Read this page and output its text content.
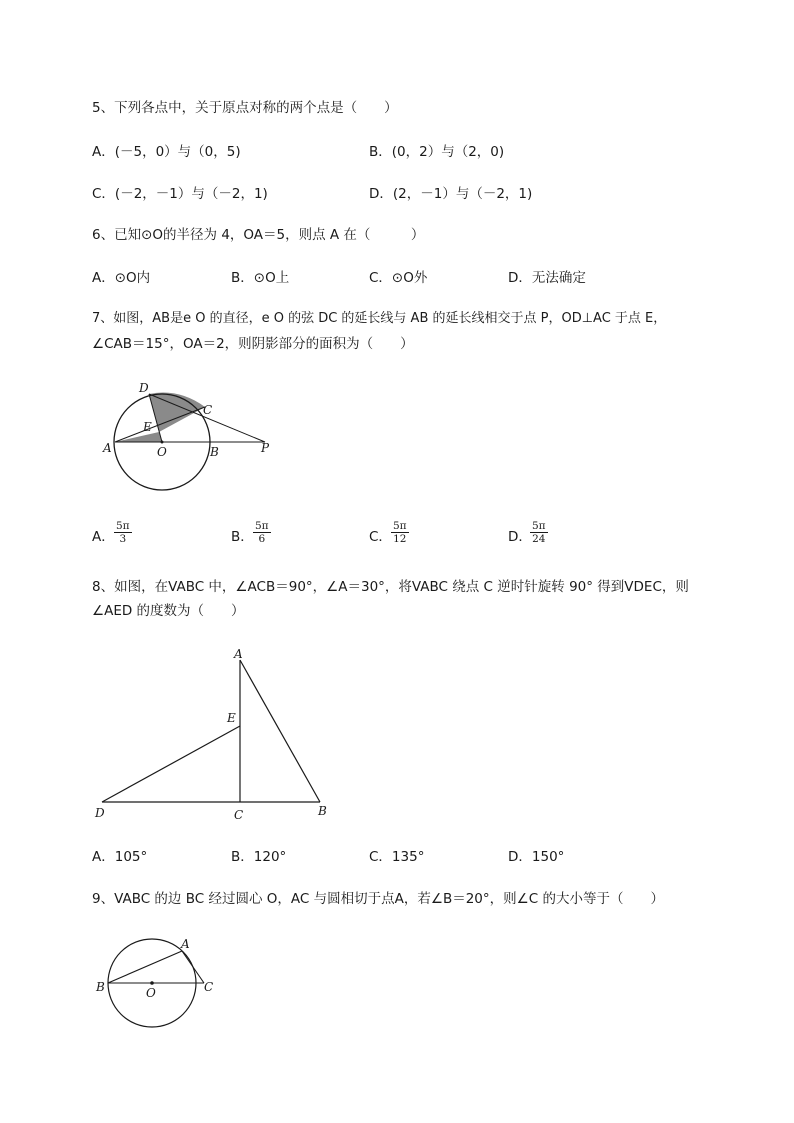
5、下列各点中，关于原点对称的两个点是（　　）
A．(－5，0）与（0，5)	B．(0，2）与（2，0)
C．(－2，－1）与（－2，1)	D．(2，－1）与（－2，1)
6、已知⊙O的半径为 4，OA＝5，则点 A 在（　　　）
A．⊙O内	B．⊙O上	C．⊙O外	D．无法确定
7、如图，AB是e O 的直径，e O 的弦 DC 的延长线与 AB 的延长线相交于点 P，OD⊥AC 于点 E，
∠CAB＝15°，OA＝2，则阴影部分的面积为（　　）
D
C
E
A	O	B	P
A． $\frac{5\pi}{3}$	B． $\frac{5\pi}{6}$	C． $\frac{5\pi}{12}$	D．
$\frac{5\pi}{24}$
8、如图，在VABC 中，∠ACB＝90°，∠A＝30°，将VABC 绕点 C 逆时针旋转 90° 得到VDEC，则
∠AED 的度数为（　　）
A
E
D	C	B
A．105°	B．120°	C．135°	D．150°
9、VABC 的边 BC 经过圆心 O，AC 与圆相切于点A，若∠B＝20°，则∠C 的大小等于（　　）
A
B	O	C
